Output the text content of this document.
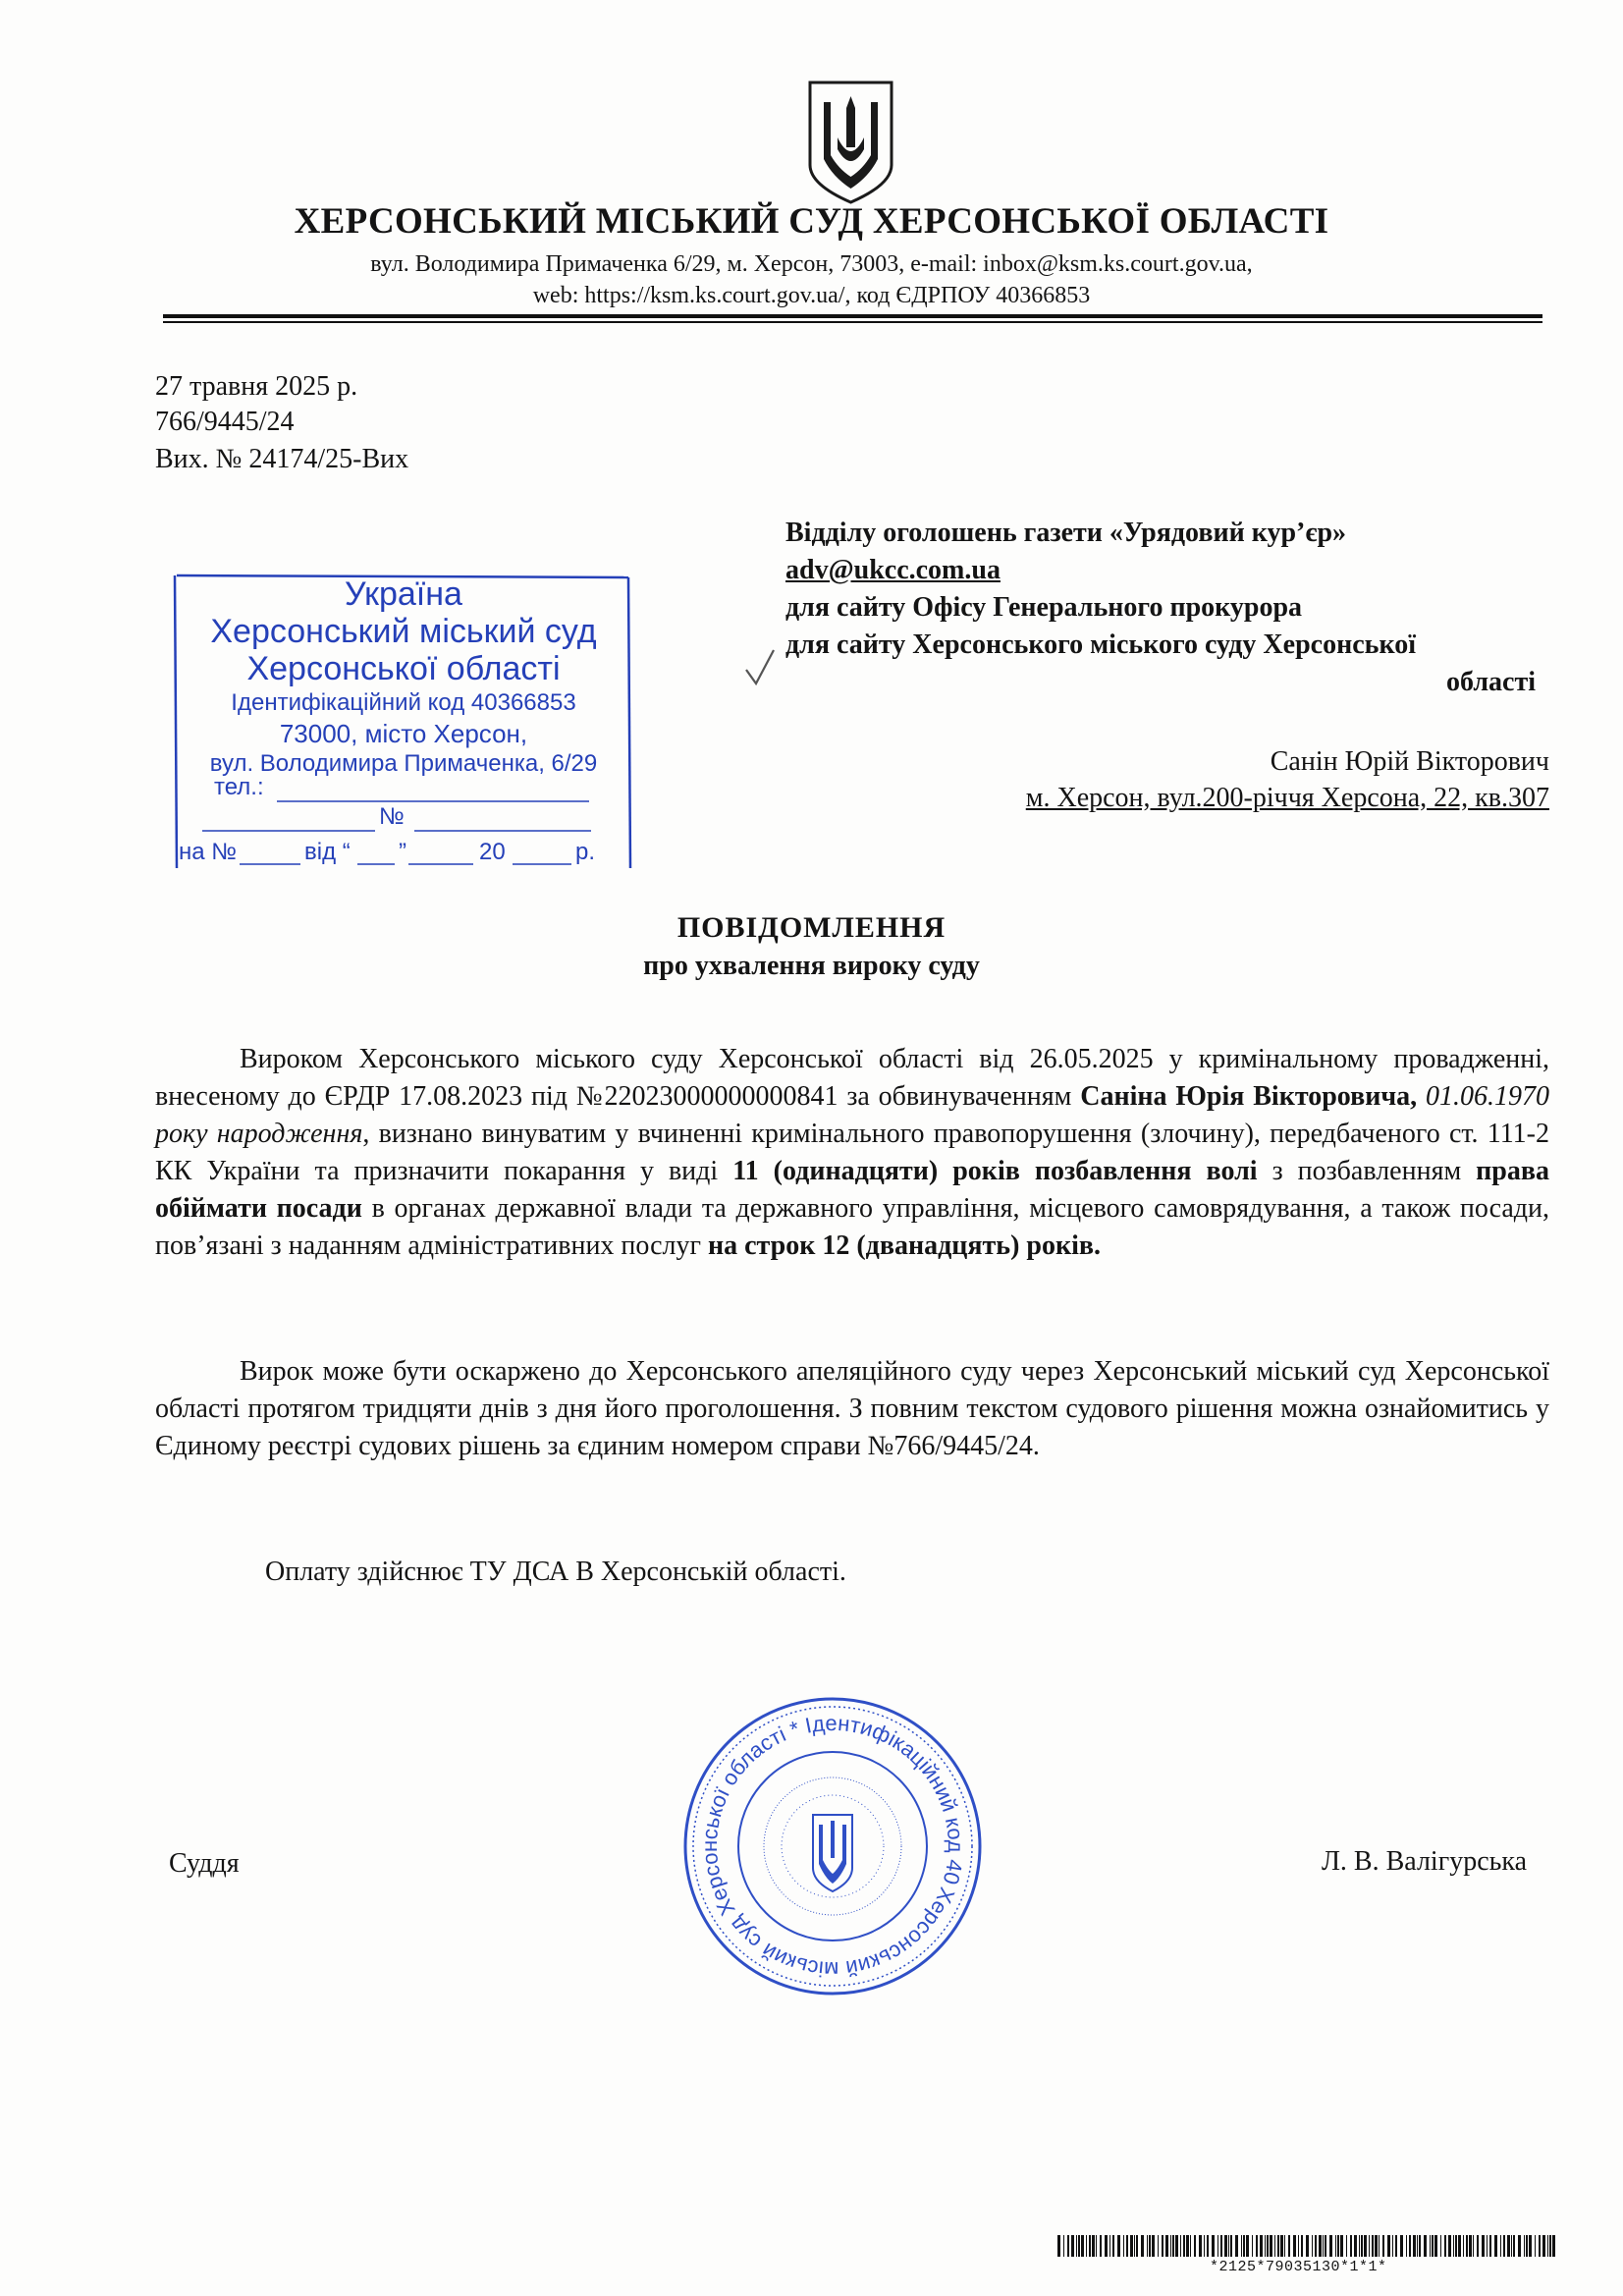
ХЕРСОНСЬКИЙ МІСЬКИЙ СУД ХЕРСОНСЬКОЇ ОБЛАСТІ
вул. Володимира Примаченка 6/29, м. Херсон, 73003, e-mail: inbox@ksm.ks.court.gov.ua,
web: https://ksm.ks.court.gov.ua/, код ЄДРПОУ 40366853
27 травня 2025 р.
766/9445/24
Вих. № 24174/25-Вих
Україна
Херсонський міський суд
Херсонської області
Ідентифікаційний код 40366853
73000, місто Херсон,
вул. Володимира Примаченка, 6/29
тел.:
№
на №	від “ ”	20	р.
Відділу оголошень газети «Урядовий кур’єр»
adv@ukcc.com.ua
для сайту Офісу Генерального прокурора
для сайту Херсонського міського суду Херсонської
області
Санін Юрій Вікторович
м. Херсон, вул.200-річчя Херсона, 22, кв.307
ПОВІДОМЛЕННЯ
про ухвалення вироку суду
Вироком Херсонського міського суду Херсонської області від 26.05.2025 у кримінальному провадженні, внесеному до ЄРДР 17.08.2023 під №22023000000000841 за обвинуваченням Саніна Юрія Вікторовича, 01.06.1970 року народження, визнано винуватим у вчиненні кримінального правопорушення (злочину), передбаченого ст. 111-2 КК України та призначити покарання у виді 11 (одинадцяти) років позбавлення волі з позбавленням права обіймати посади в органах державної влади та державного управління, місцевого самоврядування, а також посади, пов’язані з наданням адміністративних послуг на строк 12 (дванадцять) років.
Вирок може бути оскаржено до Херсонського апеляційного суду через Херсонський міський суд Херсонської області протягом тридцяти днів з дня його проголошення. З повним текстом судового рішення можна ознайомитись у Єдиному реєстрі судових рішень за єдиним номером справи №766/9445/24.
Оплату здійснює ТУ ДСА В Херсонській області.
Херсонський міський суд Херсонської області * Ідентифікаційний код 40366853
Суддя	Л. В. Валігурська
*2125*79035130*1*1*
